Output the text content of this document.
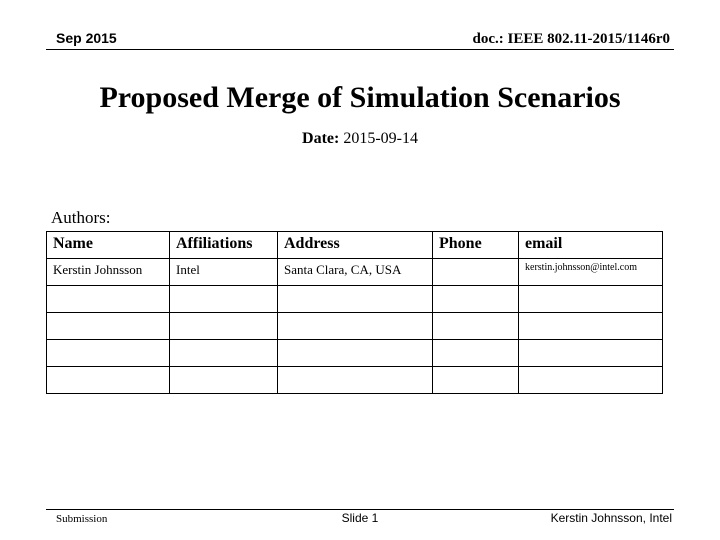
Sep 2015	doc.: IEEE 802.11-2015/1146r0
Proposed Merge of Simulation Scenarios
Date: 2015-09-14
Authors:
Name	Affiliations	Address	Phone	email
Kerstin Johnsson	Intel	Santa Clara, CA, USA		kerstin.johnsson@intel.com

Submission	Slide 1	Kerstin Johnsson, Intel
